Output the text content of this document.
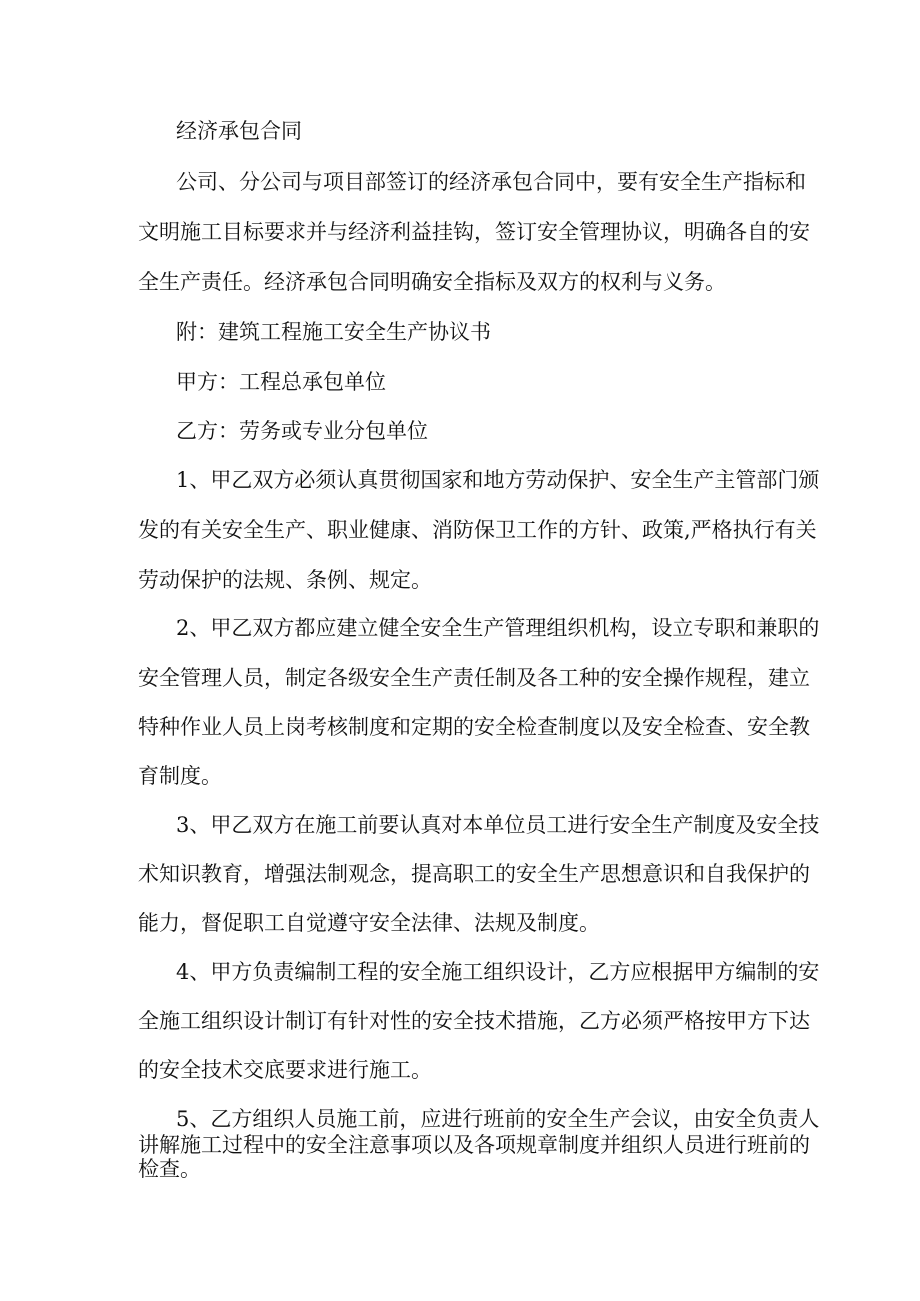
经济承包合同

公司、分公司与项目部签订的经济承包合同中，要有安全生产指标和

文明施工目标要求并与经济利益挂钩，签订安全管理协议，明确各自的安

全生产责任。经济承包合同明确安全指标及双方的权利与义务。

附：建筑工程施工安全生产协议书

甲方：工程总承包单位

乙方：劳务或专业分包单位

1、甲乙双方必须认真贯彻国家和地方劳动保护、安全生产主管部门颁

发的有关安全生产、职业健康、消防保卫工作的方针、政策,严格执行有关

劳动保护的法规、条例、规定。

2、甲乙双方都应建立健全安全生产管理组织机构，设立专职和兼职的

安全管理人员，制定各级安全生产责任制及各工种的安全操作规程，建立

特种作业人员上岗考核制度和定期的安全检查制度以及安全检查、安全教

育制度。

3、甲乙双方在施工前要认真对本单位员工进行安全生产制度及安全技

术知识教育，增强法制观念，提高职工的安全生产思想意识和自我保护的

能力，督促职工自觉遵守安全法律、法规及制度。

4、甲方负责编制工程的安全施工组织设计，乙方应根据甲方编制的安

全施工组织设计制订有针对性的安全技术措施，乙方必须严格按甲方下达

的安全技术交底要求进行施工。

5、乙方组织人员施工前，应进行班前的安全生产会议，由安全负责人

讲解施工过程中的安全注意事项以及各项规章制度并组织人员进行班前的

检查。
